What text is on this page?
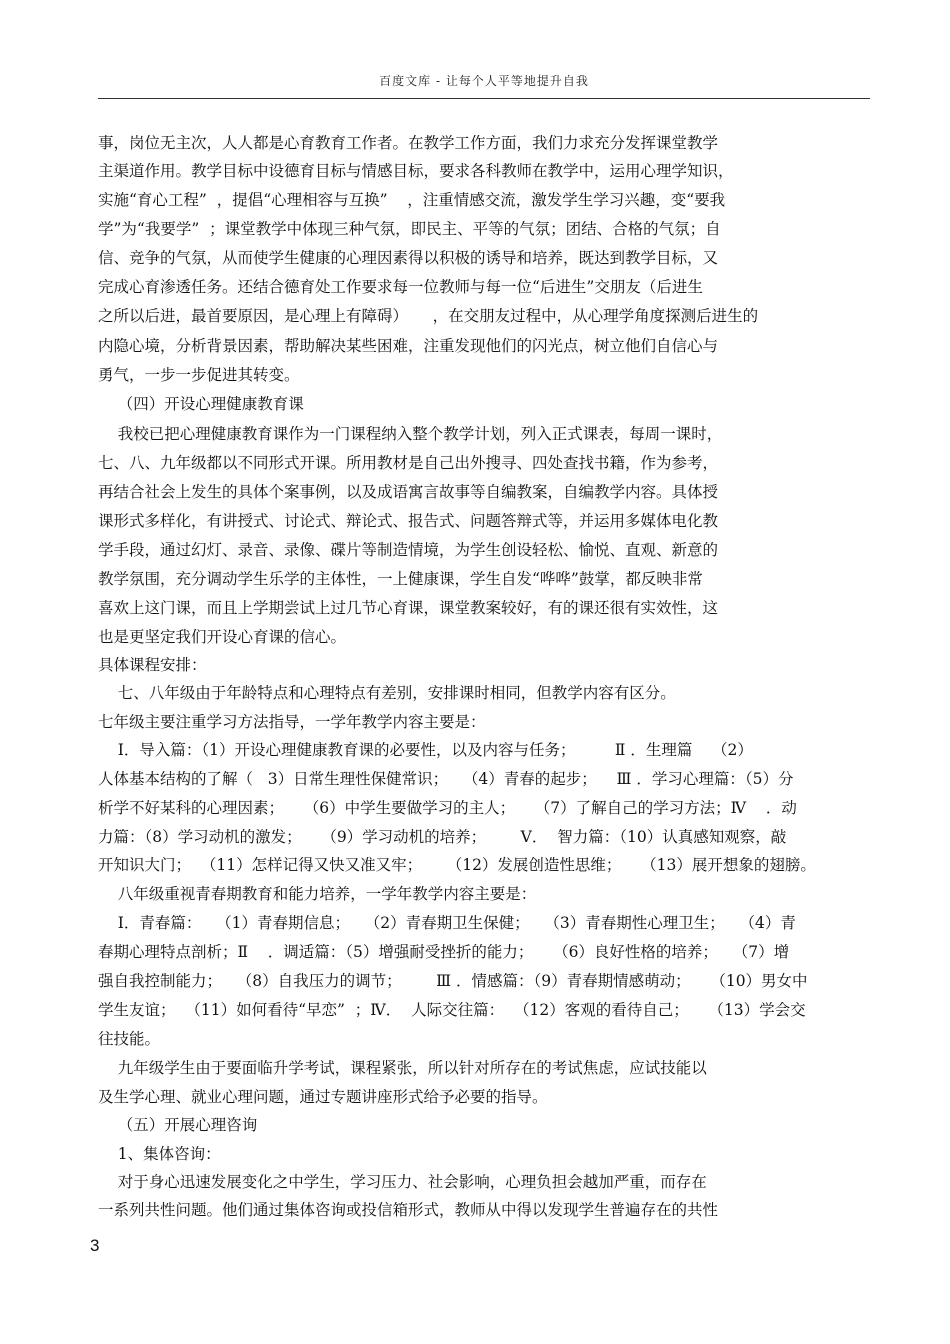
百度文库 - 让每个人平等地提升自我
事，岗位无主次，人人都是心育教育工作者。在教学工作方面，我们力求充分发挥课堂教学
主渠道作用。教学目标中设德育目标与情感目标，要求各科教师在教学中，运用心理学知识，
实施“育心工程”  ，提倡“心理相容与互换”    ，注重情感交流，激发学生学习兴趣，变“要我
学”为“我要学”  ；课堂教学中体现三种气氛，即民主、平等的气氛；团结、合格的气氛；自
信、竞争的气氛，从而使学生健康的心理因素得以积极的诱导和培养，既达到教学目标，又
完成心育渗透任务。还结合德育处工作要求每一位教师与每一位“后进生”交朋友（后进生
之所以后进，最首要原因，是心理上有障碍）     ，在交朋友过程中，从心理学角度探测后进生的
内隐心境，分析背景因素，帮助解决某些困难，注重发现他们的闪光点，树立他们自信心与
勇气，一步一步促进其转变。
（四）开设心理健康教育课
我校已把心理健康教育课作为一门课程纳入整个教学计划，列入正式课表，每周一课时，
七、八、九年级都以不同形式开课。所用教材是自己出外搜寻、四处查找书籍，作为参考，
再结合社会上发生的具体个案事例，以及成语寓言故事等自编教案，自编教学内容。具体授
课形式多样化，有讲授式、讨论式、辩论式、报告式、问题答辩式等，并运用多媒体电化教
学手段，通过幻灯、录音、录像、碟片等制造情境，为学生创设轻松、愉悦、直观、新意的
教学氛围，充分调动学生乐学的主体性，一上健康课，学生自发“哗哗”鼓掌，都反映非常
喜欢上这门课，而且上学期尝试上过几节心育课，课堂教案较好，有的课还很有实效性，这
也是更坚定我们开设心育课的信心。
具体课程安排：
七、八年级由于年龄特点和心理特点有差别，安排课时相同，但教学内容有区分。
七年级主要注重学习方法指导，一学年教学内容主要是：
Ⅰ．导入篇：（1）开设心理健康教育课的必要性，以及内容与任务；        Ⅱ ．生理篇    （2）
人体基本结构的了解（   3）日常生理性保健常识；   （4）青春的起步；    Ⅲ ．学习心理篇：（5）分
析学不好某科的心理因素；    （6）中学生要做学习的主人；    （7）了解自己的学习方法；Ⅳ    ．动
力篇：（8）学习动机的激发；    （9）学习动机的培养；       Ⅴ．  智力篇：（10）认真感知观察，敲
开知识大门；  （11）怎样记得又快又准又牢；     （12）发展创造性思维；    （13）展开想象的翅膀。
八年级重视青春期教育和能力培养，一学年教学内容主要是：
Ⅰ．青春篇：   （1）青春期信息；   （2）青春期卫生保健；   （3）青春期性心理卫生；   （4）青
春期心理特点剖析；Ⅱ    ．调适篇：（5）增强耐受挫折的能力；    （6）良好性格的培养；   （7）增
强自我控制能力；   （8）自我压力的调节；       Ⅲ ．情感篇：（9）青春期情感萌动；    （10）男女中
学生友谊；  （11）如何看待“早恋”  ；Ⅳ．  人际交往篇：  （12）客观的看待自己；    （13）学会交
往技能。
九年级学生由于要面临升学考试，课程紧张，所以针对所存在的考试焦虑，应试技能以
及生学心理、就业心理问题，通过专题讲座形式给予必要的指导。
（五）开展心理咨询
1、集体咨询：
对于身心迅速发展变化之中学生，学习压力、社会影响，心理负担会越加严重，而存在
一系列共性问题。他们通过集体咨询或投信箱形式，教师从中得以发现学生普遍存在的共性
3
